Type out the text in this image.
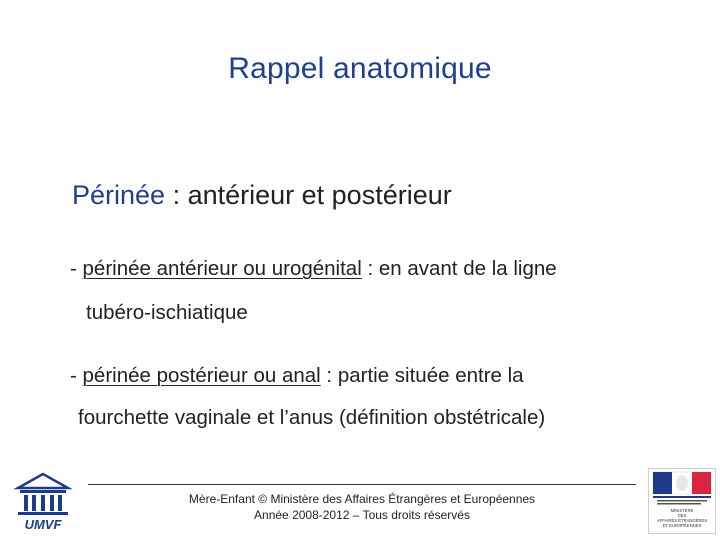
Rappel anatomique
Périnée : antérieur et postérieur
- périnée antérieur ou urogénital : en avant de la ligne
tubéro-ischiatique
- périnée postérieur ou anal : partie située entre la
fourchette vaginale et l’anus (définition obstétricale)
Mère-Enfant © Ministère des Affaires Étrangères et Européennes
Année 2008-2012 – Tous droits réservés
UMVF
MINISTÈRE
DES
AFFAIRES ÉTRANGÈRES
ET EUROPÉENNES
